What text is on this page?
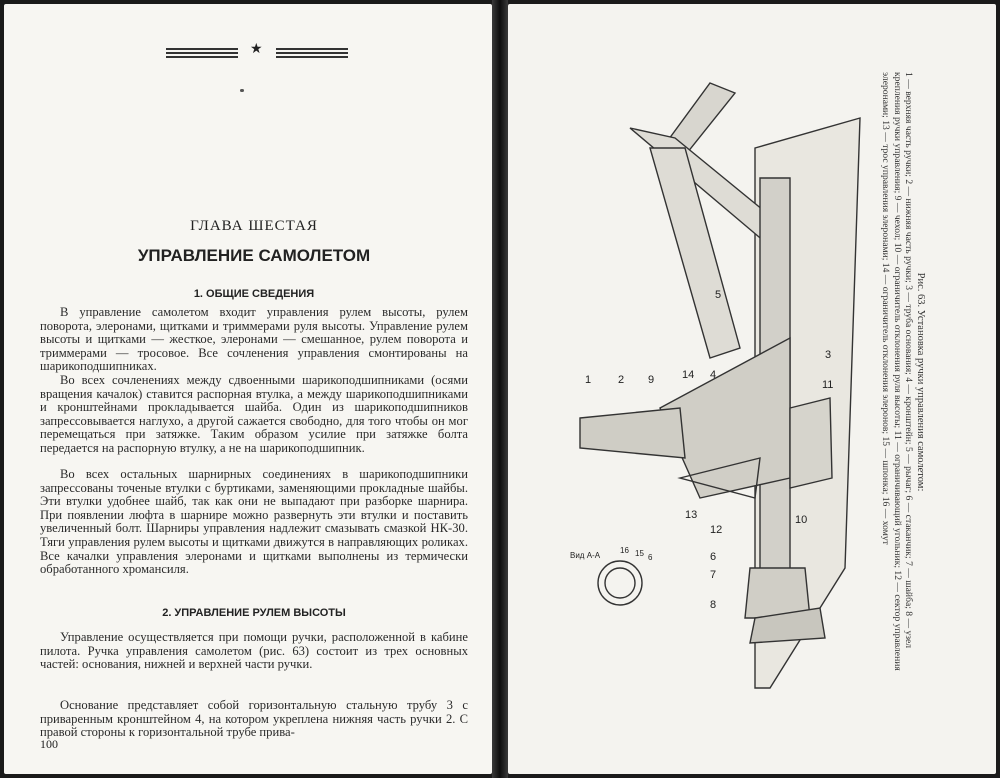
★
ГЛАВА ШЕСТАЯ
УПРАВЛЕНИЕ САМОЛЕТОМ
1. ОБЩИЕ СВЕДЕНИЯ

В управление самолетом входит управления рулем высоты, рулем поворота, элеронами, щитками и триммерами руля высоты. Управление рулем высоты и щитками — жесткое, элеронами — смешанное, рулем поворота и триммерами — тросовое. Все сочленения управления смонтированы на шарикоподшипниках.

Во всех сочленениях между сдвоенными шарикоподшипниками (осями вращения качалок) ставится распорная втулка, а между шарикоподшипниками и кронштейнами прокладывается шайба. Один из шарикоподшипников запрессовывается наглухо, а другой сажается свободно, для того чтобы он мог перемещаться при затяжке. Таким образом усилие при затяжке болта передается на распорную втулку, а не на шарикоподшипник.

Во всех остальных шарнирных соединениях в шарикоподшипники запрессованы точеные втулки с буртиками, заменяющими прокладные шайбы. Эти втулки удобнее шайб, так как они не выпадают при разборке шарнира. При появлении люфта в шарнире можно развернуть эти втулки и поставить увеличенный болт. Шарниры управления надлежит смазывать смазкой НК-30. Тяги управления рулем высоты и щитками движутся в направляющих роликах. Все качалки управления элеронами и щитками выполнены из термически обработанного хромансиля.

2. УПРАВЛЕНИЕ РУЛЕМ ВЫСОТЫ

Управление осуществляется при помощи ручки, расположенной в кабине пилота. Ручка управления самолетом (рис. 63) состоит из трех основных частей: основания, нижней и верхней части ручки.

Основание представляет собой горизонтальную стальную трубу 3 с приваренным кронштейном 4, на котором укреплена нижняя часть ручки 2. С правой стороны к горизонтальной трубе прива-

100
1 2 9	14 4
5
3
11
13
12
10
6
7
8
Вид А-А
16 15 6
Рис. 63. Установка ручки управления самолетом:
1 — верхняя часть ручки; 2 — нижняя часть ручки; 3 — труба основания; 4 — кронштейн; 5 — рычаг; 6 — стаканчик; 7 — шайба; 8 — узел крепления ручки управления; 9 — чехол; 10 — ограничитель отклонения руля высоты; 11 — ограничивающий угольник; 12 — сектор управления элеронами; 13 — трос управления элеронами; 14 — ограничитель отклонения элеронов; 15 — шпонка; 16 — хомут
